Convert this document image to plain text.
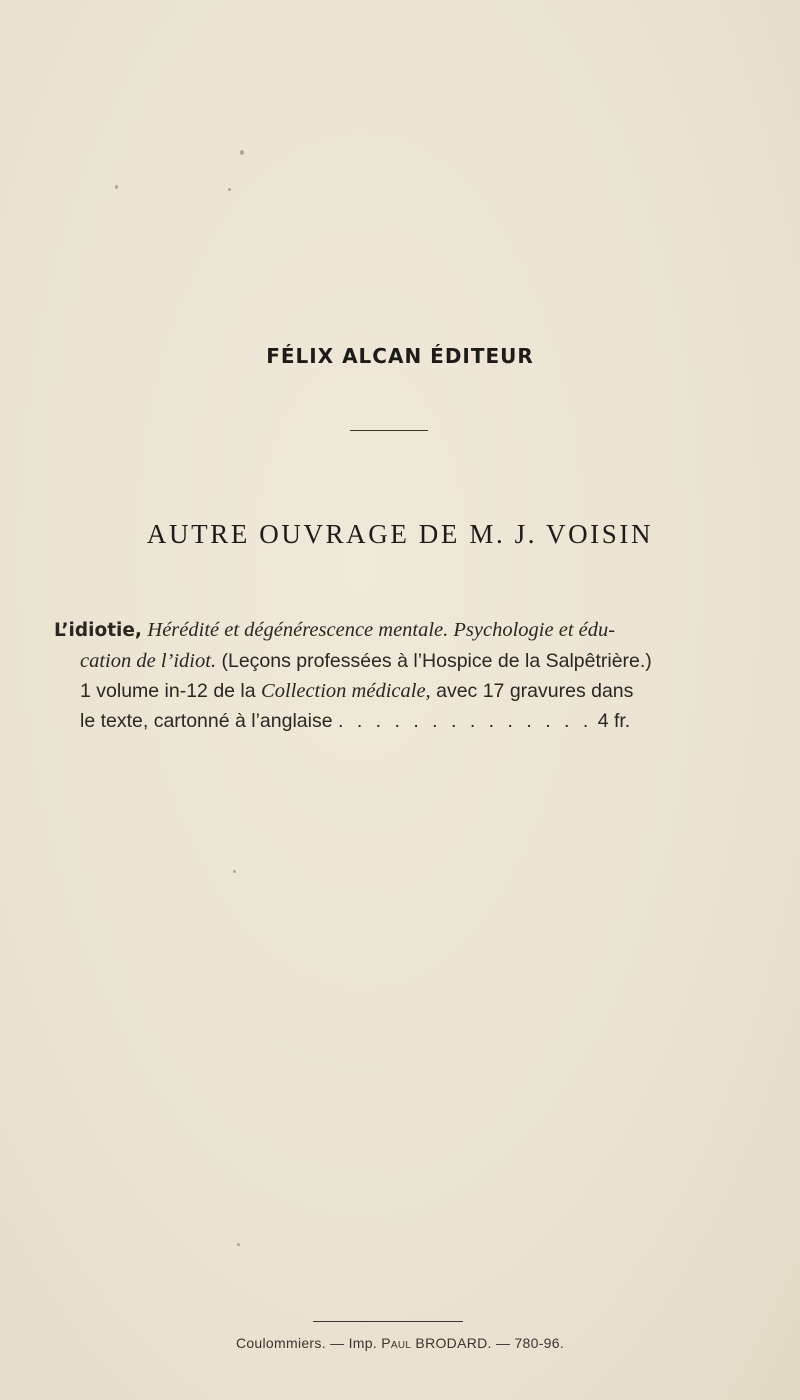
FÉLIX ALCAN ÉDITEUR
AUTRE OUVRAGE DE M. J. VOISIN
L’idiotie, Hérédité et dégénérescence mentale. Psychologie et édu-
cation de l’idiot. (Leçons professées à l’Hospice de la Salpêtrière.)
1 volume in-12 de la Collection médicale, avec 17 gravures dans
le texte, cartonné à l’anglaise . . . . . . . . . . . . . . 4 fr.
Coulommiers. — Imp. Paul BRODARD. — 780-96.
